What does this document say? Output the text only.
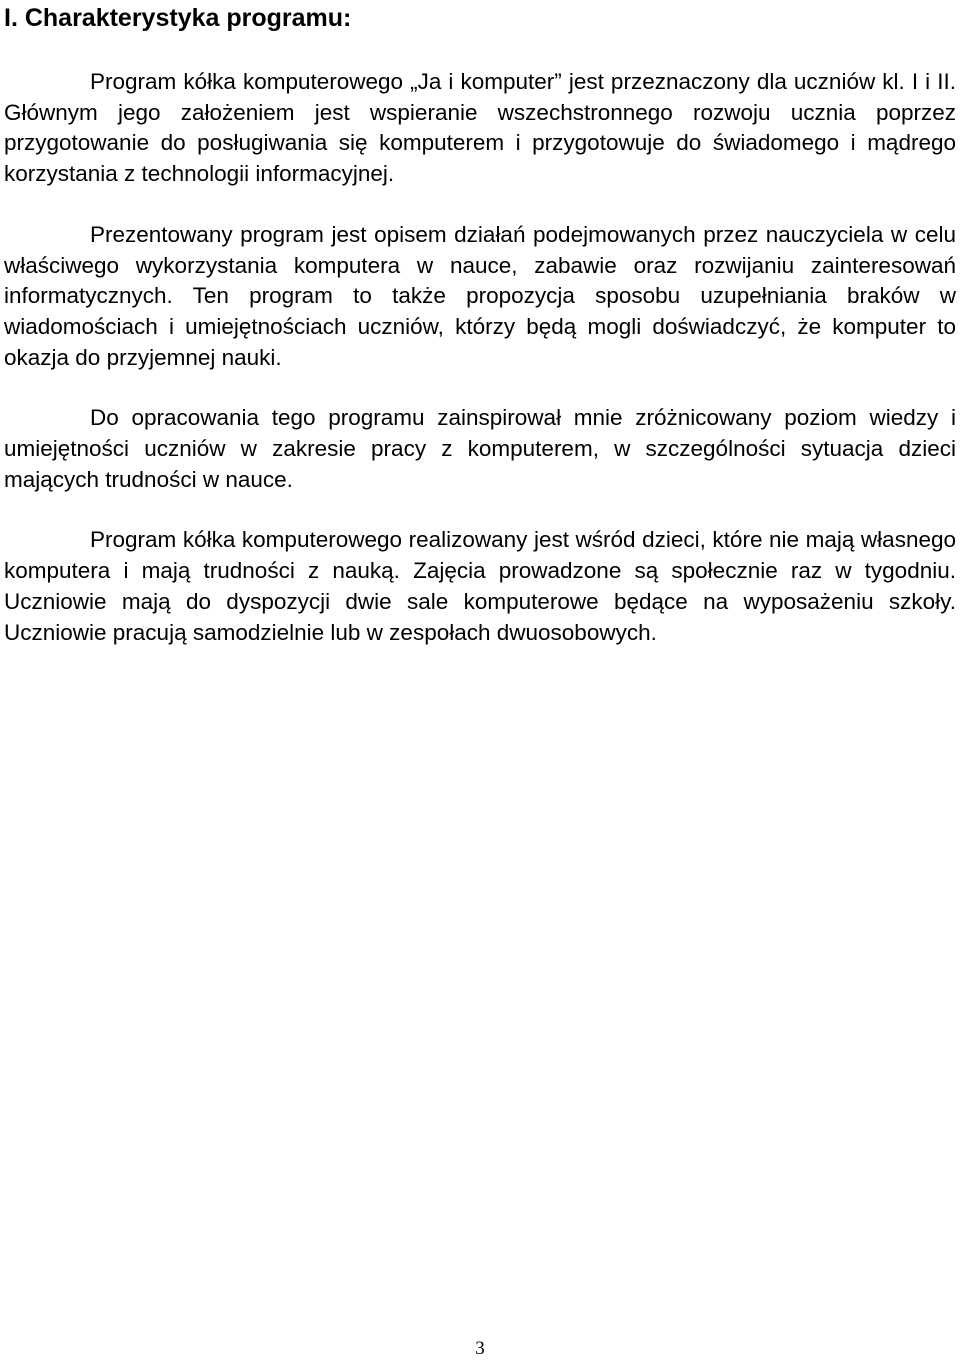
I. Charakterystyka programu:

Program kółka komputerowego „Ja i komputer” jest przeznaczony dla uczniów kl. I i II. Głównym jego założeniem jest wspieranie wszechstronnego rozwoju ucznia poprzez przygotowanie do posługiwania się komputerem i przygotowuje do świadomego i mądrego korzystania z technologii informacyjnej.

Prezentowany program jest opisem działań podejmowanych przez nauczyciela w celu właściwego wykorzystania komputera w nauce, zabawie oraz rozwijaniu zainteresowań informatycznych. Ten program to także propozycja sposobu uzupełniania braków w wiadomościach i umiejętnościach uczniów, którzy będą mogli doświadczyć, że komputer to okazja do przyjemnej nauki.

Do opracowania tego programu zainspirował mnie zróżnicowany poziom wiedzy i umiejętności uczniów w zakresie pracy z komputerem, w szczególności sytuacja dzieci mających trudności w nauce.

Program kółka komputerowego realizowany jest wśród dzieci, które nie mają własnego komputera i mają trudności z nauką. Zajęcia prowadzone są społecznie raz w tygodniu. Uczniowie mają do dyspozycji dwie sale komputerowe będące na wyposażeniu szkoły. Uczniowie pracują samodzielnie lub w zespołach dwuosobowych.

3
